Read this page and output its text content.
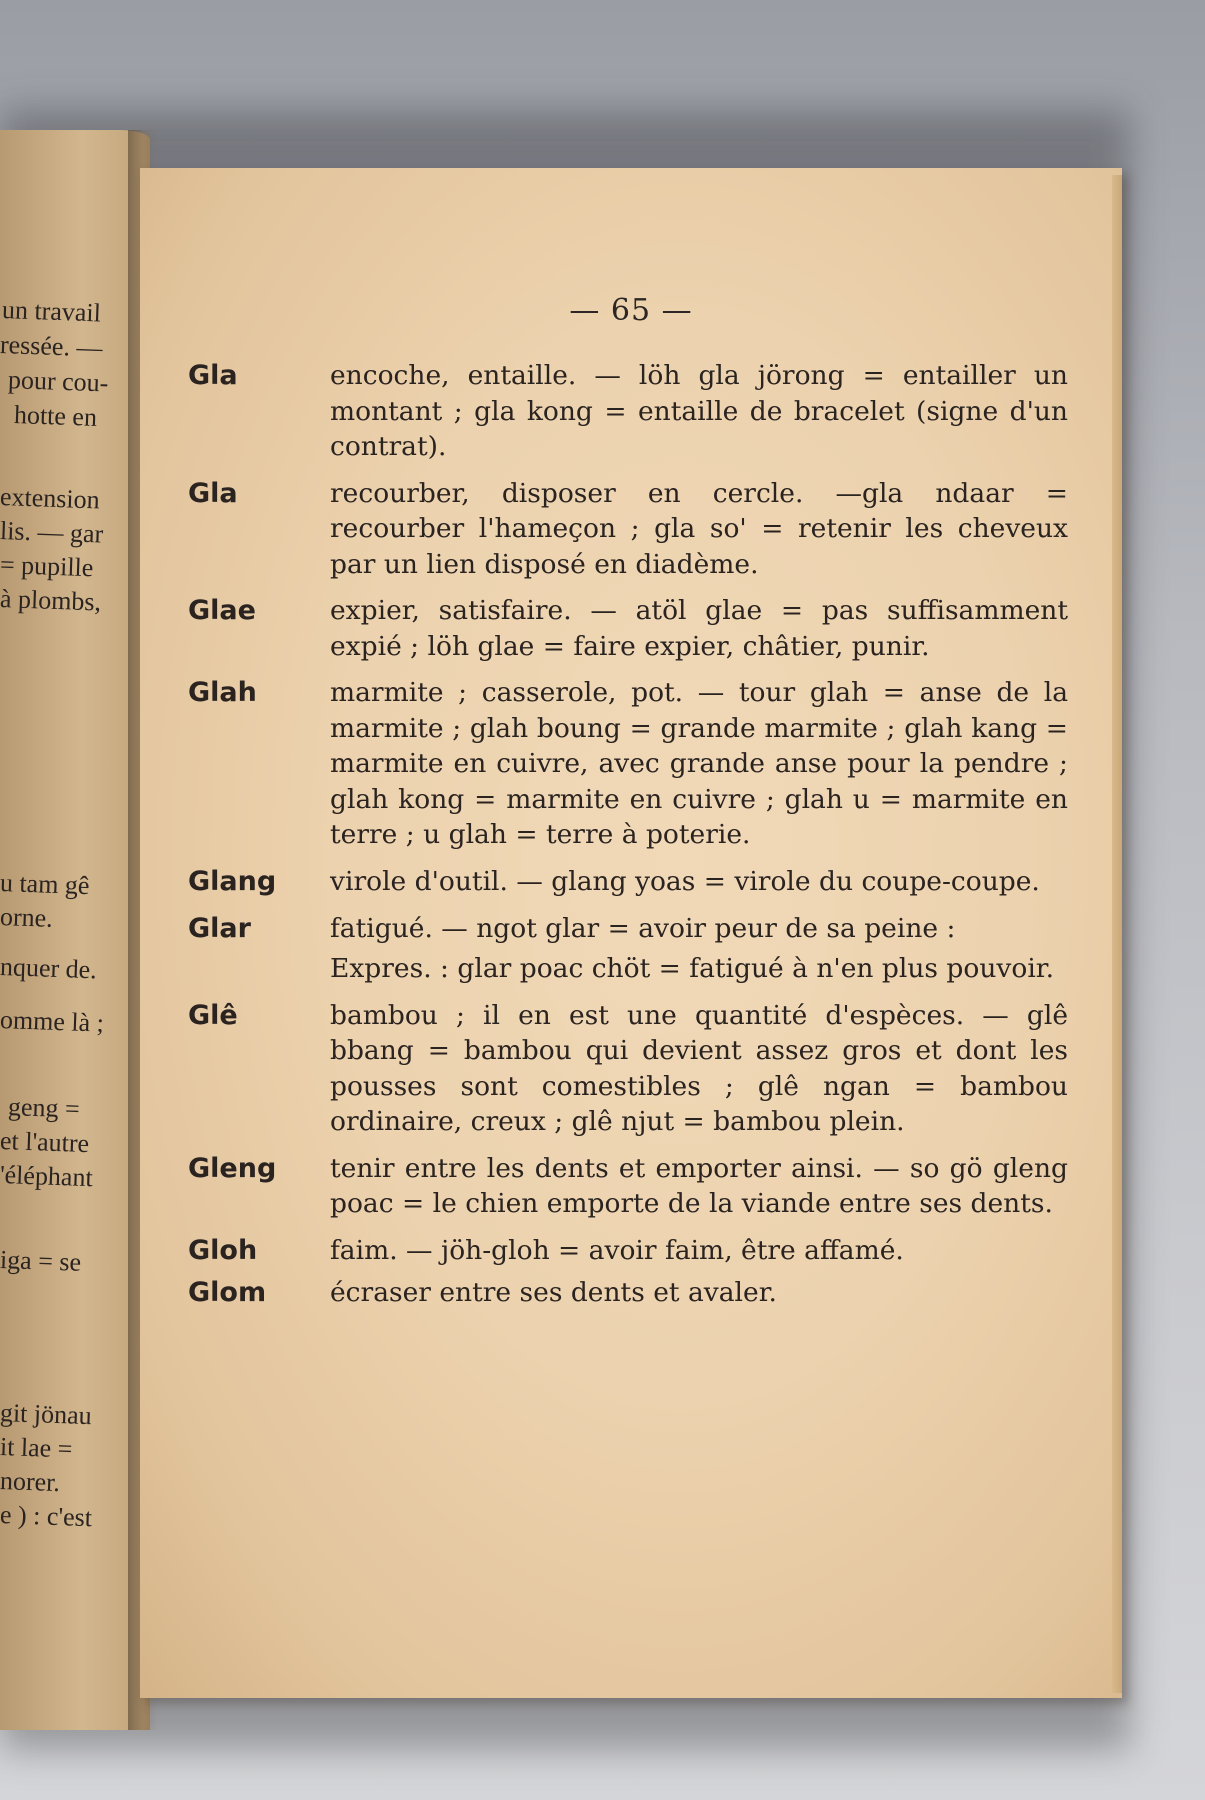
un travail
ressée. —
pour cou-
hotte en
extension
lis. — gar
= pupille
à plombs,
u tam gê
orne.
nquer de.
omme là ;
geng =
et l'autre
'éléphant
iga = se
git jönau
it lae =
norer.
e ) : c'est
— 65 —
Gla	encoche, entaille. — löh gla jörong = entailler un montant ; gla kong = entaille de bracelet (signe d'un contrat).
Gla	recourber, disposer en cercle. —gla ndaar = recourber l'hameçon ; gla so' = retenir les cheveux par un lien disposé en diadème.
Glae	expier, satisfaire. — atöl glae = pas suffisamment expié ; löh glae = faire expier, châtier, punir.
Glah	marmite ; casserole, pot. — tour glah = anse de la marmite ; glah boung = grande marmite ; glah kang = marmite en cuivre, avec grande anse pour la pendre ; glah kong = marmite en cuivre ; glah u = marmite en terre ; u glah = terre à poterie.
Glang	virole d'outil. — glang yoas = virole du coupe-coupe.
Glar	fatigué. — ngot glar = avoir peur de sa peine :
Expres. : glar poac chöt = fatigué à n'en plus pouvoir.
Glê	bambou ; il en est une quantité d'espèces. — glê bbang = bambou qui devient assez gros et dont les pousses sont comestibles ; glê ngan = bambou ordinaire, creux ; glê njut = bambou plein.
Gleng	tenir entre les dents et emporter ainsi. — so gö gleng poac = le chien emporte de la viande entre ses dents.
Gloh	faim. — jöh-gloh = avoir faim, être affamé.
Glom	écraser entre ses dents et avaler.
